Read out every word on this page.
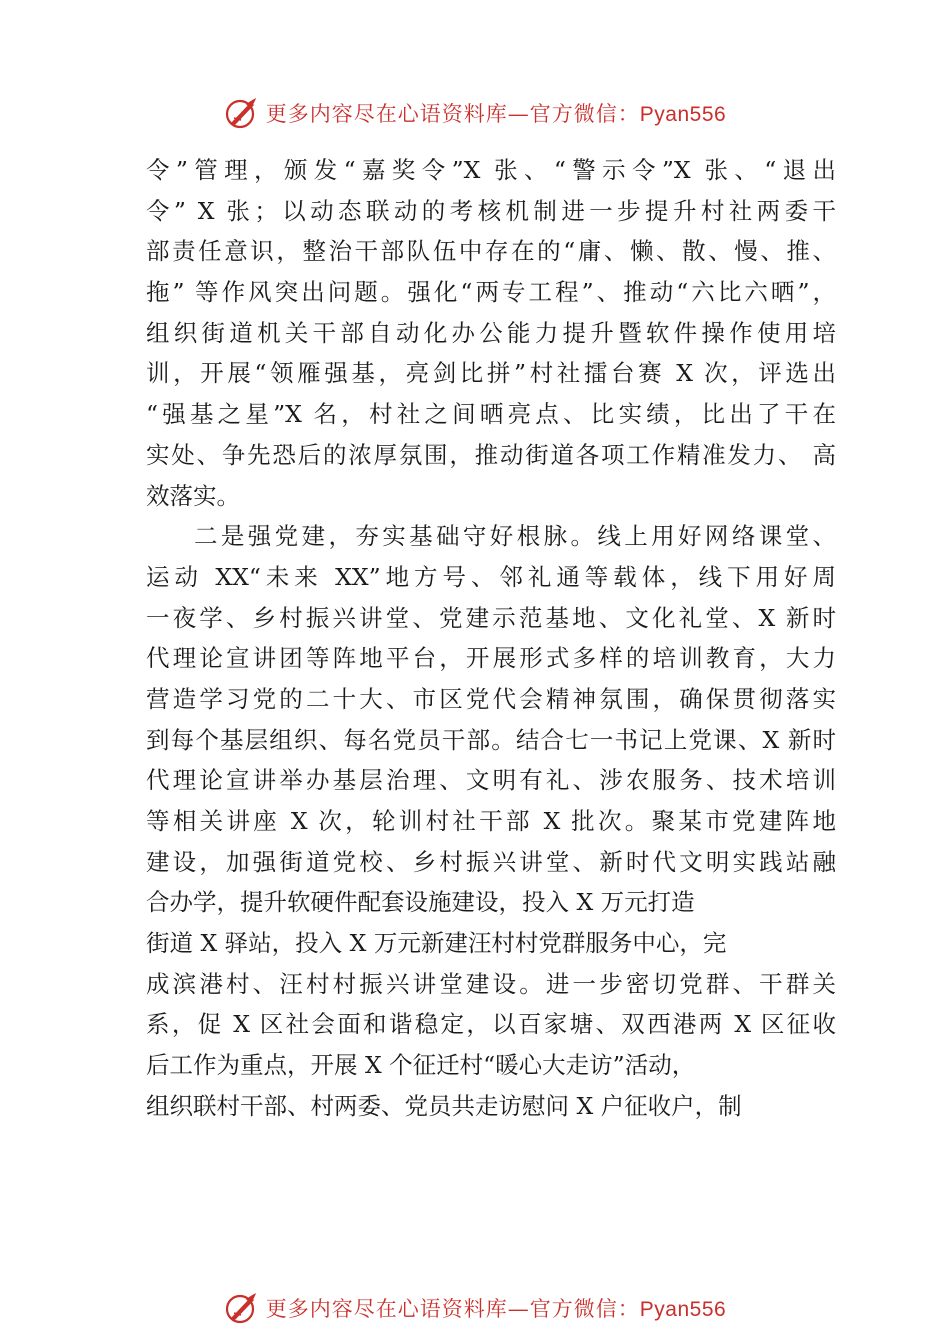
更多内容尽在心语资料库—官方微信：Pyan556
令”管理，颁发“嘉奖令”X 张、“警示令”X 张、“退出
令” X 张；以动态联动的考核机制进一步提升村社两委干
部责任意识，整治干部队伍中存在的“庸、懒、散、慢、推、
拖” 等作风突出问题。强化“两专工程”、推动“六比六晒”，
组织街道机关干部自动化办公能力提升暨软件操作使用培
训，开展“领雁强基，亮剑比拼”村社擂台赛 X 次，评选出
“强基之星”X 名，村社之间晒亮点、比实绩，比出了干在
实处、争先恐后的浓厚氛围，推动街道各项工作精准发力、 高
效落实。
二是强党建，夯实基础守好根脉。线上用好网络课堂、
运动 XX“未来 XX”地方号、邻礼通等载体，线下用好周
一夜学、乡村振兴讲堂、党建示范基地、文化礼堂、X 新时
代理论宣讲团等阵地平台，开展形式多样的培训教育，大力
营造学习党的二十大、市区党代会精神氛围，确保贯彻落实
到每个基层组织、每名党员干部。结合七一书记上党课、X 新时
代理论宣讲举办基层治理、文明有礼、涉农服务、技术培训
等相关讲座 X 次，轮训村社干部 X 批次。聚某市党建阵地
建设，加强街道党校、乡村振兴讲堂、新时代文明实践站融
合办学，提升软硬件配套设施建设，投入 X 万元打造
街道 X 驿站，投入 X 万元新建汪村村党群服务中心，完
成滨港村、汪村村振兴讲堂建设。进一步密切党群、干群关
系，促 X 区社会面和谐稳定，以百家塘、双西港两 X 区征收
后工作为重点，开展 X 个征迁村“暖心大走访”活动，
组织联村干部、村两委、党员共走访慰问 X 户征收户，制
更多内容尽在心语资料库—官方微信：Pyan556
